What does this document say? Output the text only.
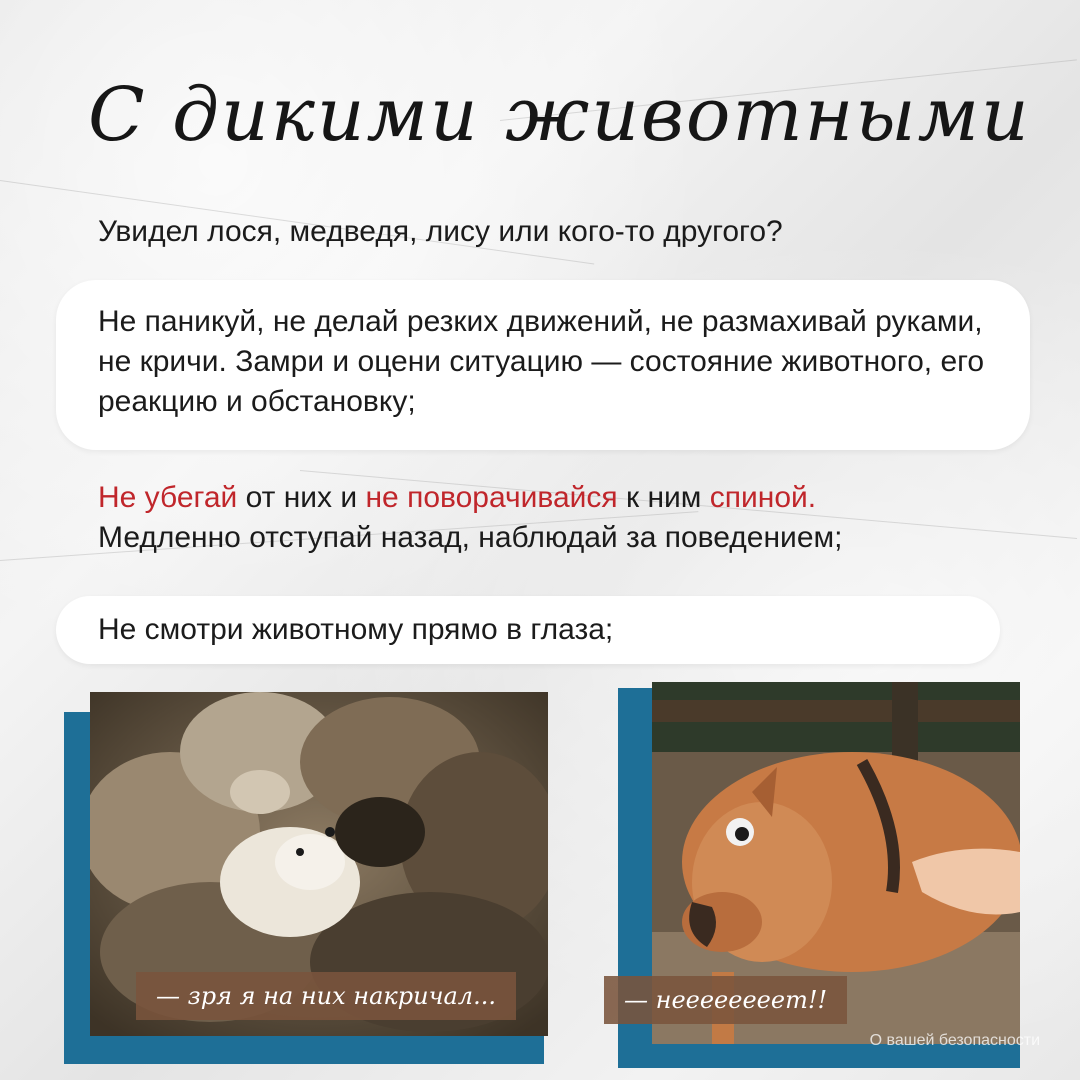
С дикими животными
Увидел лося, медведя, лису или кого-то другого?
Не паникуй, не делай резких движений, не размахивай руками, не кричи. Замри и оцени ситуацию — состояние животного, его реакцию и обстановку;
Не убегай от них и не поворачивайся к ним спиной.
Медленно отступай назад, наблюдай за поведением;
Не смотри животному прямо в глаза;
— зря я на них накричал...	— неееееееет!!
О вашей безопасности
